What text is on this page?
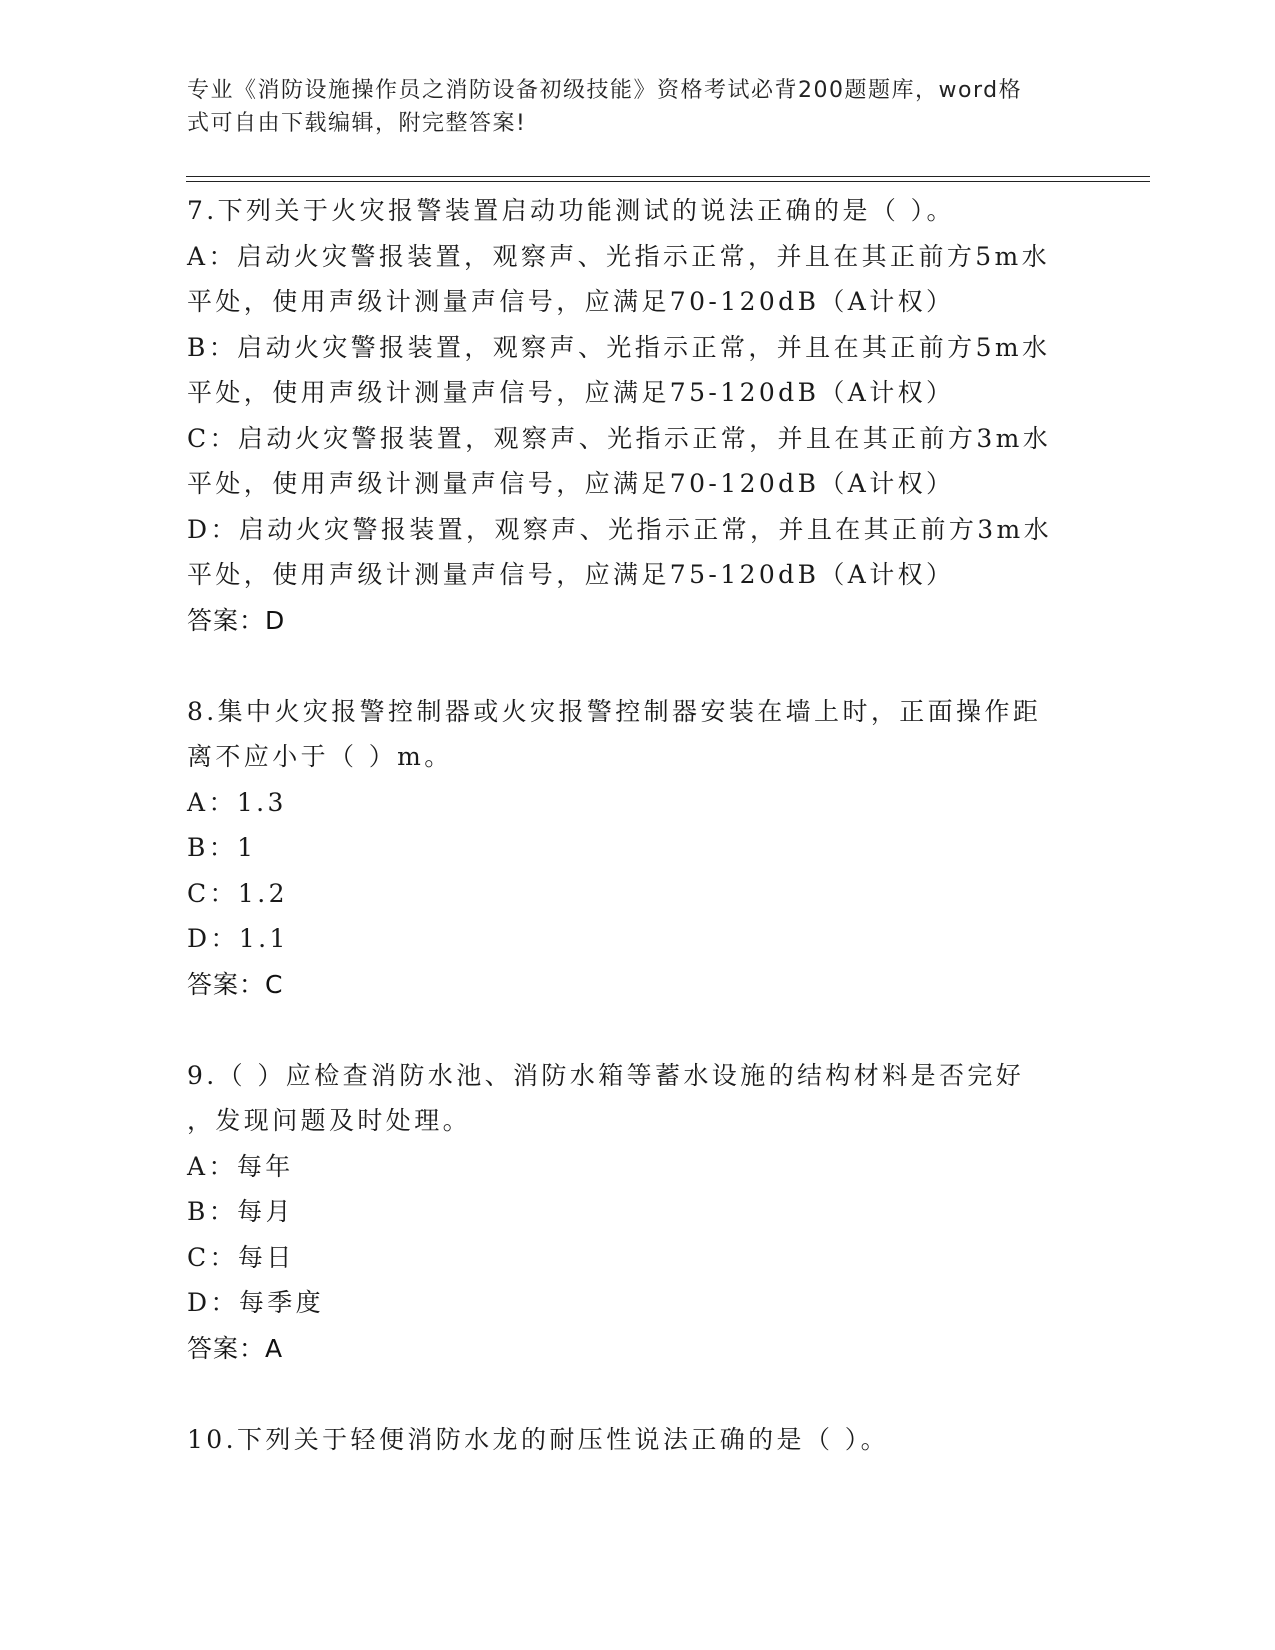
专业《消防设施操作员之消防设备初级技能》资格考试必背200题题库，word格
式可自由下载编辑，附完整答案!
7.下列关于火灾报警装置启动功能测试的说法正确的是（ ）。
A：启动火灾警报装置，观察声、光指示正常，并且在其正前方5m水
平处，使用声级计测量声信号，应满足70-120dB（A计权）
B：启动火灾警报装置，观察声、光指示正常，并且在其正前方5m水
平处，使用声级计测量声信号，应满足75-120dB（A计权）
C：启动火灾警报装置，观察声、光指示正常，并且在其正前方3m水
平处，使用声级计测量声信号，应满足70-120dB（A计权）
D：启动火灾警报装置，观察声、光指示正常，并且在其正前方3m水
平处，使用声级计测量声信号，应满足75-120dB（A计权）
答案：D
8.集中火灾报警控制器或火灾报警控制器安装在墙上时，正面操作距
离不应小于（ ）m。
A：1.3
B：1
C：1.2
D：1.1
答案：C
9.（ ）应检查消防水池、消防水箱等蓄水设施的结构材料是否完好
，发现问题及时处理。
A：每年
B：每月
C：每日
D：每季度
答案：A
10.下列关于轻便消防水龙的耐压性说法正确的是（ ）。
